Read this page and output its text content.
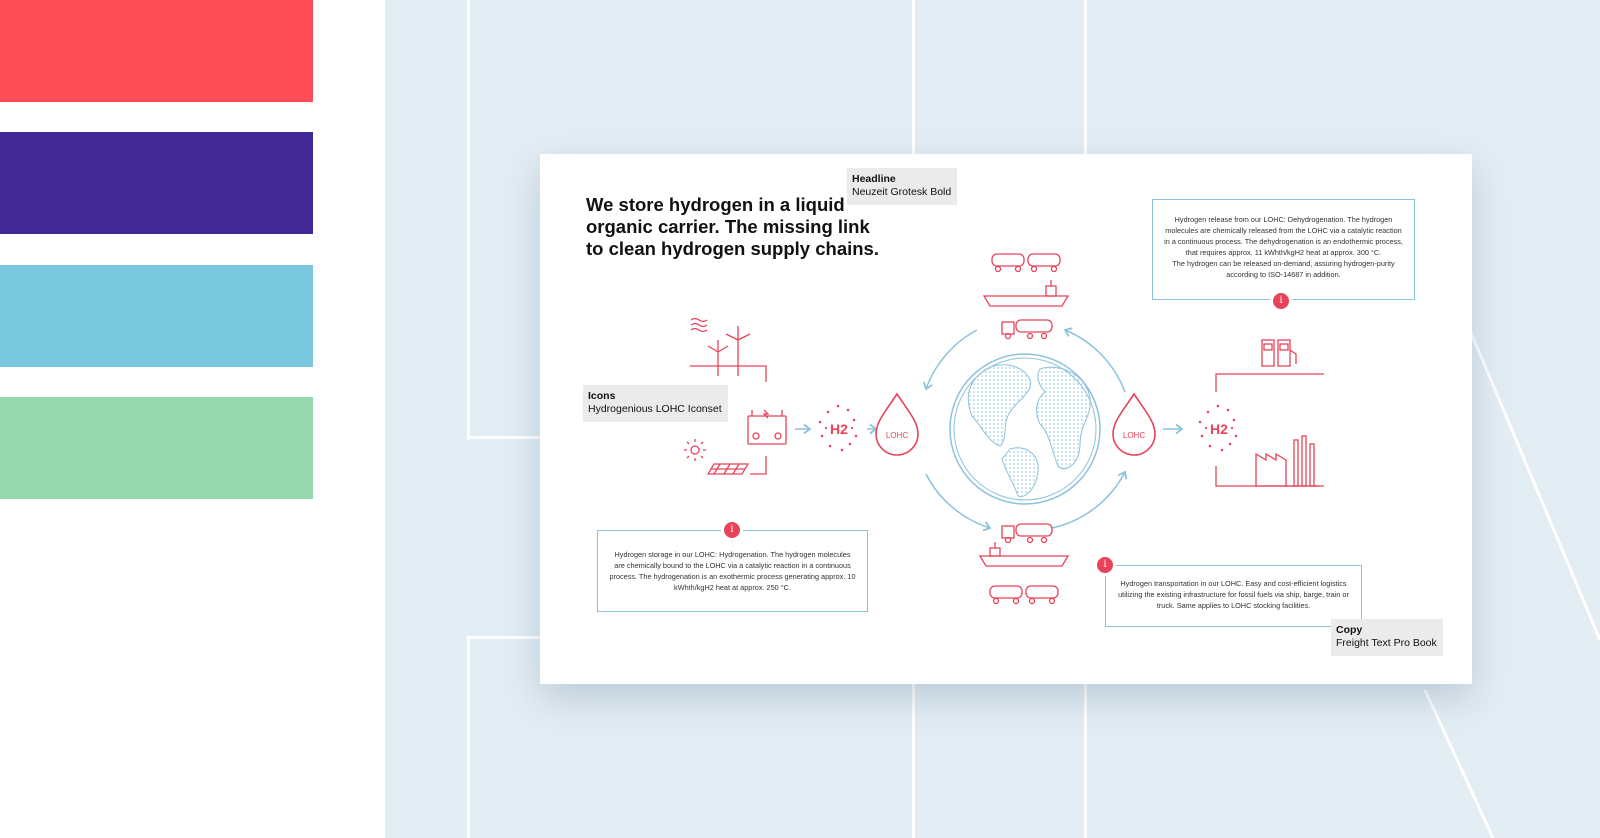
We store hydrogen in a liquid organic carrier. The missing link to clean hydrogen supply chains.
Hydrogen release from our LOHC: Dehydrogenation. The hydrogen
molecules are chemically released from the LOHC via a catalytic reaction
in a continuous process. The dehydrogenation is an endothermic process,
that requires approx. 11 kWhth/kgH2 heat at approx. 300 °C.
The hydrogen can be released on-demand, assuring hydrogen-purity
according to ISO-14687 in addition.
i
Hydrogen storage in our LOHC: Hydrogenation. The hydrogen molecules
are chemically bound to the LOHC via a catalytic reaction in a continuous
process. The hydrogenation is an exothermic process generating approx. 10
kWhth/kgH2 heat at approx. 250 °C.
i
Hydrogen transportation in our LOHC. Easy and cost-efficient logistics
utilizing the existing infrastructure for fossil fuels via ship, barge, train or
truck. Same applies to LOHC stocking facilities.
i
LOHC	LOHC
H2	H2
Headline
Neuzeit Grotesk Bold
Icons
Hydrogenious LOHC Iconset
Copy
Freight Text Pro Book
